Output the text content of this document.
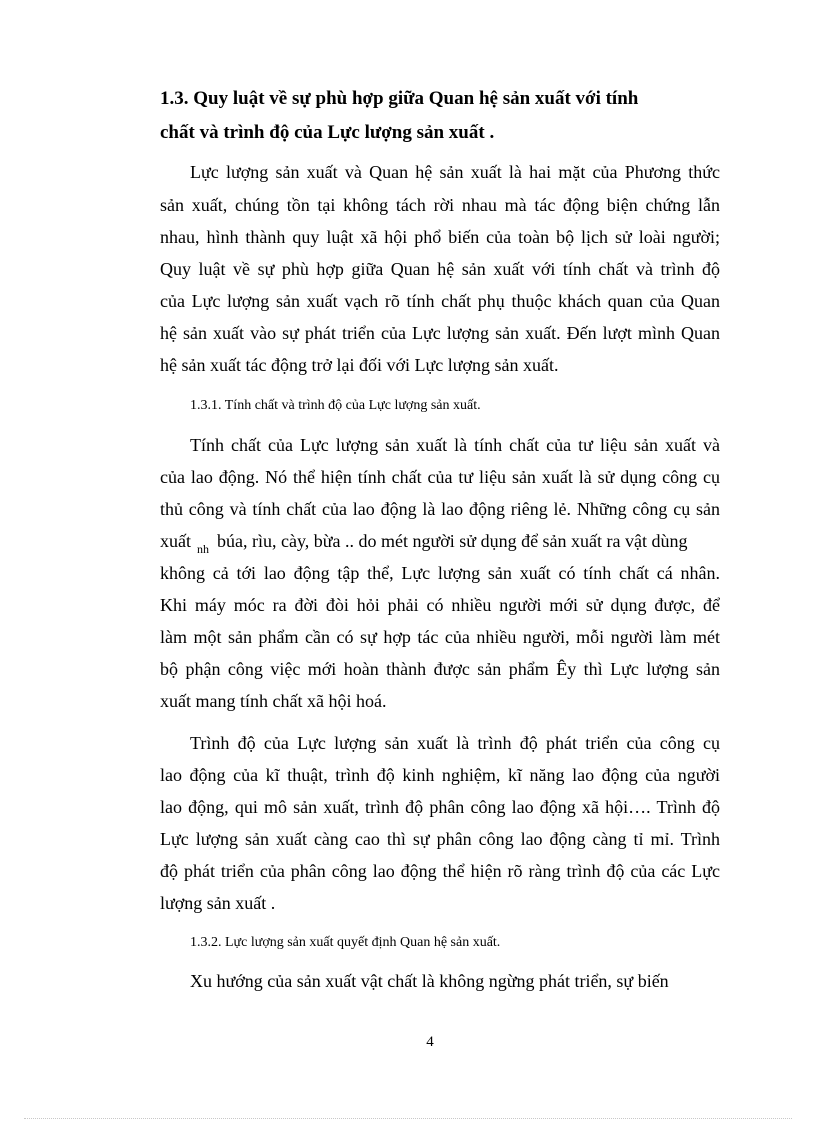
1.3. Quy luật về sự phù hợp giữa Quan hệ sản xuất với tính

chất và trình độ của Lực lượng sản xuất .

Lực lượng sản xuất và Quan hệ sản xuất là hai mặt của Phương thức

sản xuất, chúng tồn tại không tách rời nhau mà tác động biện chứng lẫn

nhau, hình thành quy luật xã hội phổ biến của toàn bộ lịch sử loài người;

Quy luật về sự phù hợp giữa Quan hệ sản xuất với tính chất và trình độ

của Lực lượng sản xuất vạch rõ tính chất phụ thuộc khách quan của Quan

hệ sản xuất vào sự phát triển của Lực lượng sản xuất. Đến lượt mình Quan

hệ sản xuất tác động trở lại đối với Lực lượng sản xuất.

1.3.1. Tính chất và trình độ của Lực lượng sản xuất.

Tính chất của Lực lượng sản xuất là tính chất của tư liệu sản xuất và

của lao động. Nó thể hiện tính chất của tư liệu sản xuất là sử dụng công cụ

thủ công và tính chất của lao động là lao động riêng lẻ. Những công cụ sản

xuất $_{nh}$ búa, rìu, cày, bừa .. do mét người sử dụng để sản xuất ra vật dùng

không cả tới lao động tập thể, Lực lượng sản xuất có tính chất cá nhân.

Khi máy móc ra đời đòi hỏi phải có nhiều người mới sử dụng được, để

làm một sản phẩm cần có sự hợp tác của nhiều người, mỗi người làm mét

bộ phận công việc mới hoàn thành được sản phẩm Êy thì Lực lượng sản

xuất mang tính chất xã hội hoá.

Trình độ của Lực lượng sản xuất là trình độ phát triển của công cụ

lao động của kĩ thuật, trình độ kinh nghiệm, kĩ năng lao động của người

lao động, qui mô sản xuất, trình độ phân công lao động xã hội…. Trình độ

Lực lượng sản xuất càng cao thì sự phân công lao động càng tỉ mỉ. Trình

độ phát triển của phân công lao động thể hiện rõ ràng trình độ của các Lực

lượng sản xuất .

1.3.2. Lực lượng sản xuất quyết định Quan hệ sản xuất.

Xu hướng của sản xuất vật chất là không ngừng phát triển, sự biến

4
